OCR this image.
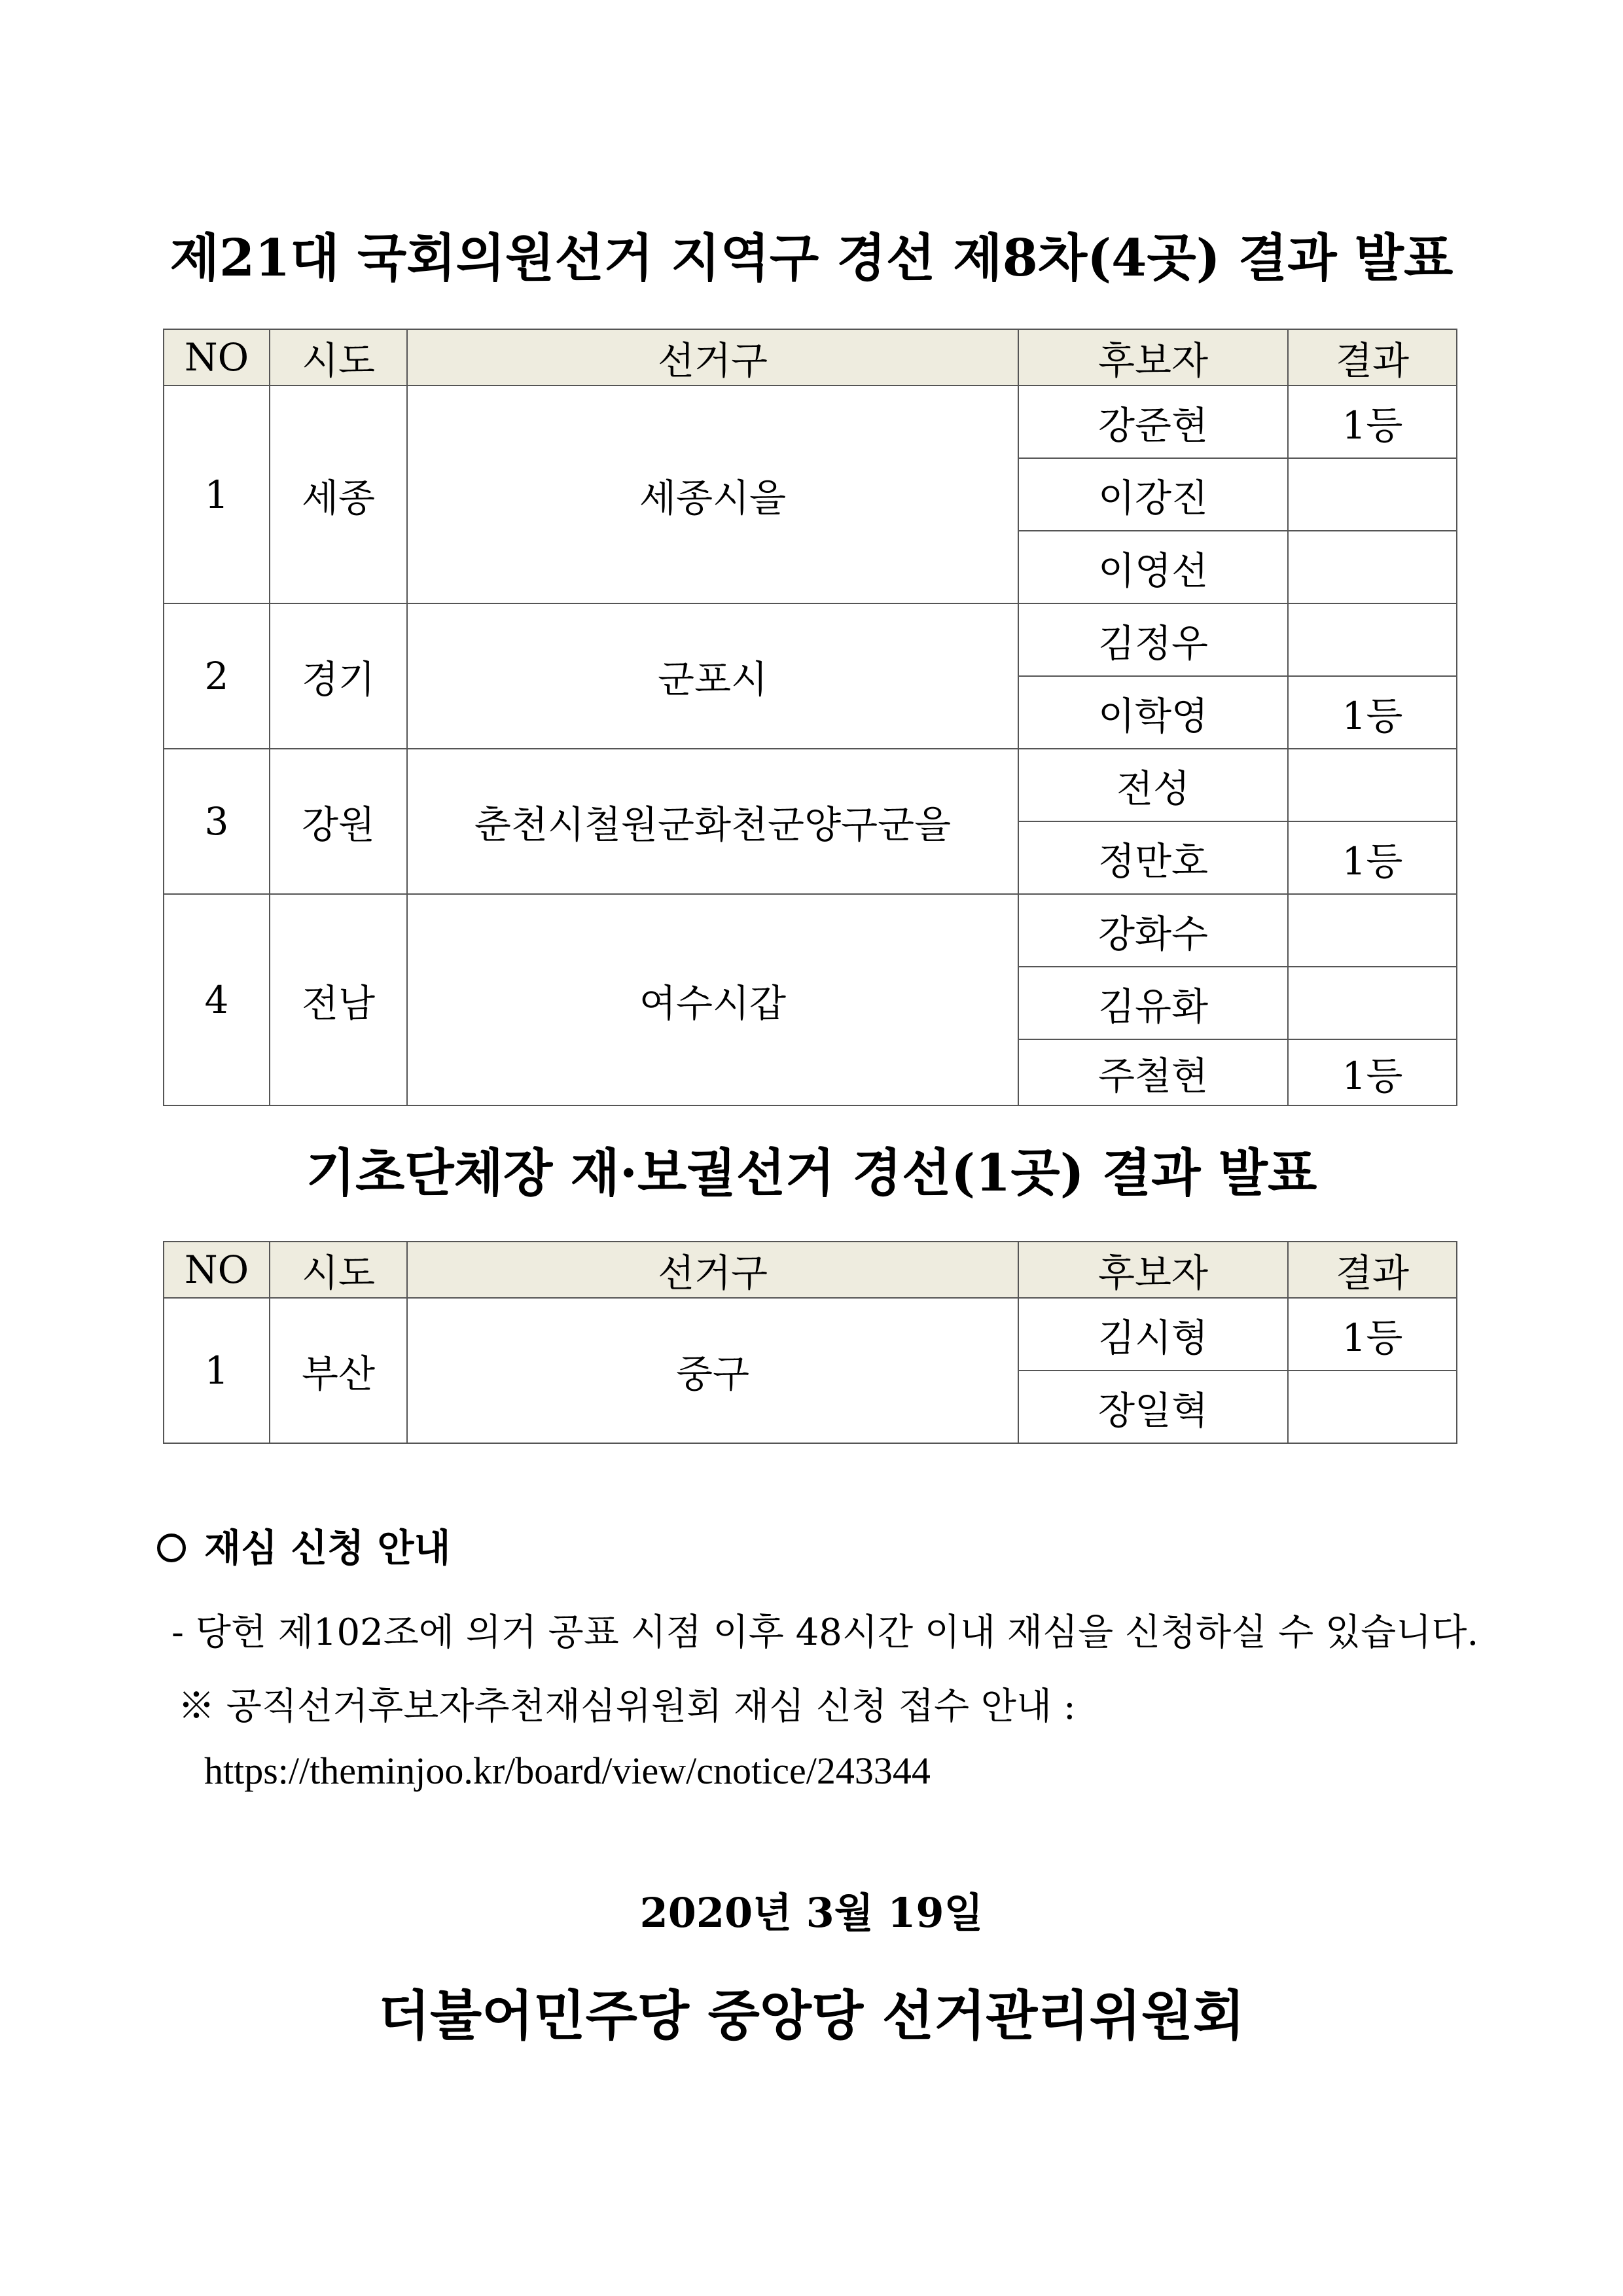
제21대 국회의원선거 지역구 경선 제8차(4곳) 결과 발표
NO	시도	선거구	후보자	결과
1	세종	세종시을	강준현	1등
			이강진	
			이영선	
2	경기	군포시	김정우	
			이학영	1등
3	강원	춘천시철원군화천군양구군을	전성	
			정만호	1등
4	전남	여수시갑	강화수	
			김유화	
			주철현	1등
기초단체장 재·보궐선거 경선(1곳) 결과 발표
NO	시도	선거구	후보자	결과
1	부산	중구	김시형	1등
			장일혁	
재심 신청 안내
- 당헌 제102조에 의거 공표 시점 이후 48시간 이내 재심을 신청하실 수 있습니다.
※ 공직선거후보자추천재심위원회 재심 신청 접수 안내 :
https://theminjoo.kr/board/view/cnotice/243344
2020년 3월 19일
더불어민주당 중앙당 선거관리위원회
